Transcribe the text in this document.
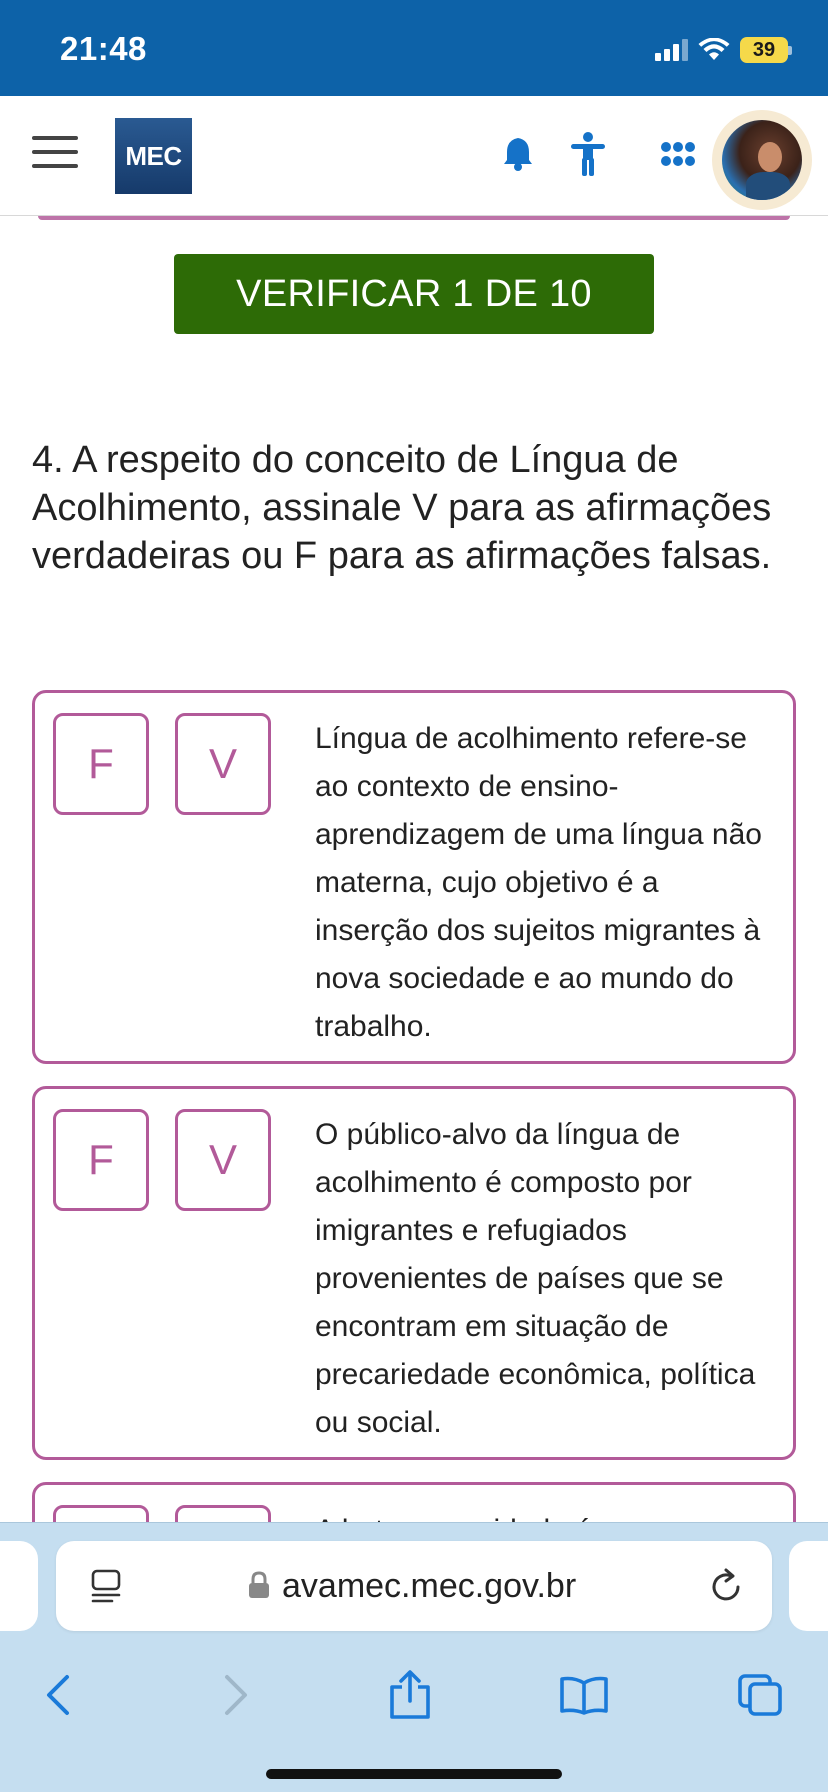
21:48	39
MEC
VERIFICAR 1 DE 10
4. A respeito do conceito de Língua de Acolhimento, assinale V para as afirmações verdadeiras ou F para as afirmações falsas.
F	V
Língua de acolhimento refere-se ao contexto de ensino-aprendizagem de uma língua não materna, cujo objetivo é a inserção dos sujeitos migrantes à nova sociedade e ao mundo do trabalho.
F	V
O público-alvo da língua de acolhimento é composto por imigrantes e refugiados provenientes de países que se encontram em situação de precariedade econômica, política ou social.
avamec.mec.gov.br
